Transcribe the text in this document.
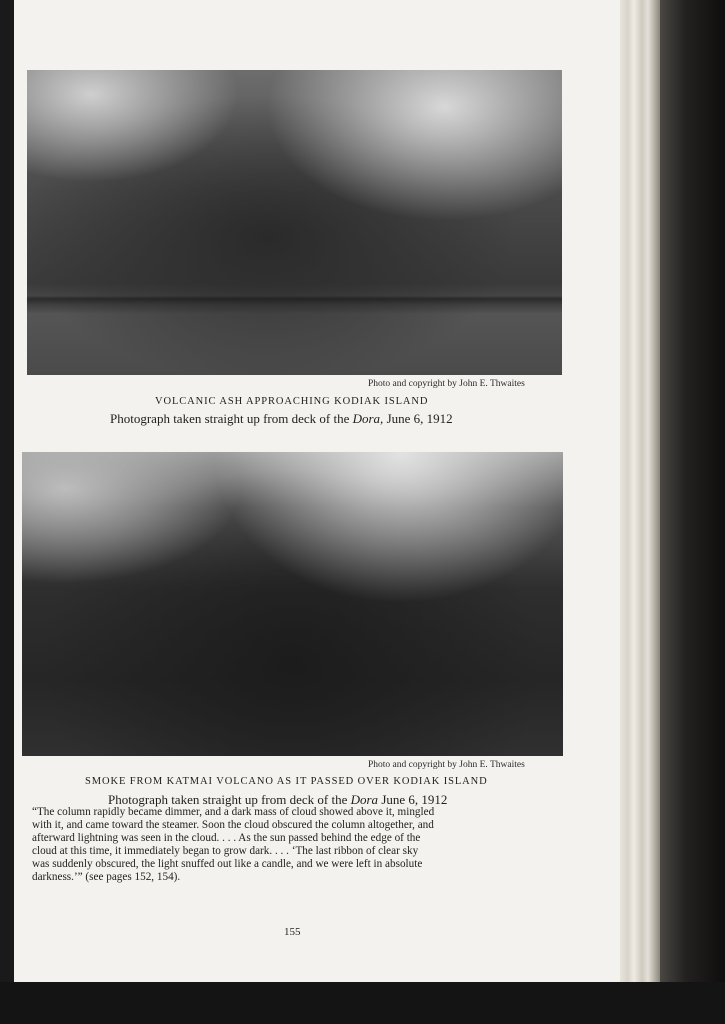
Photo and copyright by John E. Thwaites
VOLCANIC ASH APPROACHING KODIAK ISLAND
Photograph taken straight up from deck of the Dora, June 6, 1912
Photo and copyright by John E. Thwaites
SMOKE FROM KATMAI VOLCANO AS IT PASSED OVER KODIAK ISLAND
Photograph taken straight up from deck of the Dora June 6, 1912
“The column rapidly became dimmer, and a dark mass of cloud showed above it, mingled
with it, and came toward the steamer. Soon the cloud obscured the column altogether, and
afterward lightning was seen in the cloud. . . . As the sun passed behind the edge of the
cloud at this time, it immediately began to grow dark. . . . ‘The last ribbon of clear sky
was suddenly obscured, the light snuffed out like a candle, and we were left in absolute
darkness.’” (see pages 152, 154).
155
